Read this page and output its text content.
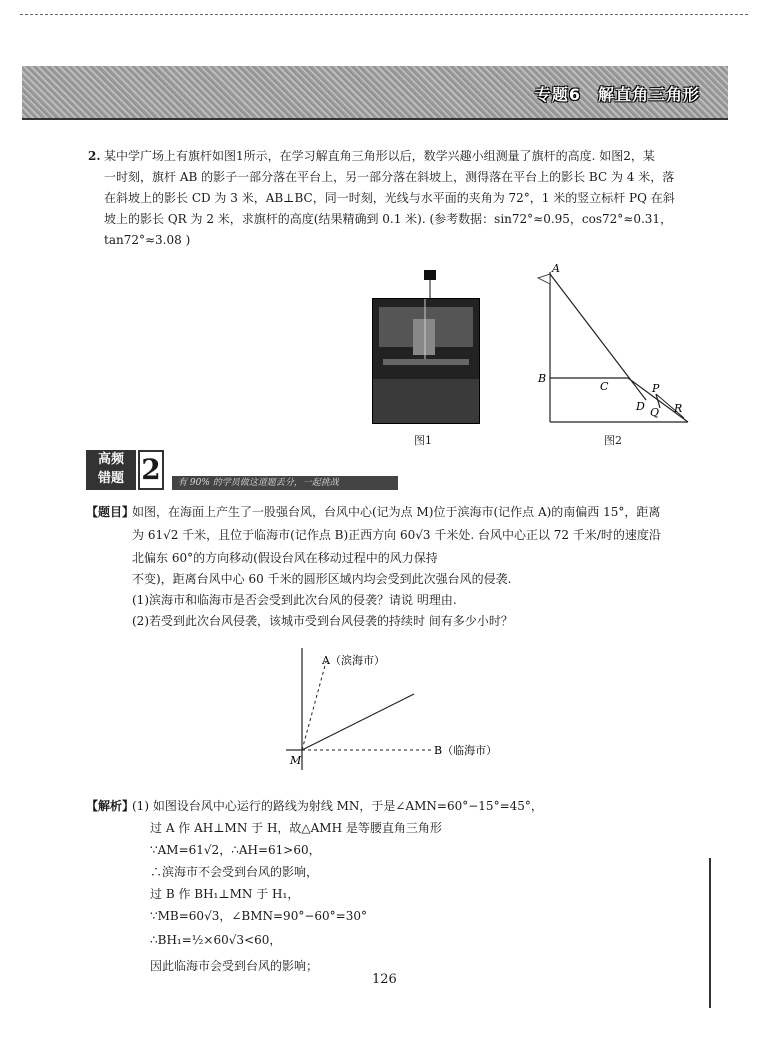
专题6　解直角三角形
2. 某中学广场上有旗杆如图1所示，在学习解直角三角形以后，数学兴趣小组测量了旗杆的高度. 如图2，某
一时刻，旗杆 AB 的影子一部分落在平台上，另一部分落在斜坡上，测得落在平台上的影长 BC 为 4 米，落
在斜坡上的影长 CD 为 3 米，AB⊥BC，同一时刻，光线与水平面的夹角为 72°，1 米的竖立标杆 PQ 在斜
坡上的影长 QR 为 2 米，求旗杆的高度(结果精确到 0.1 米). (参考数据：sin72°≈0.95，cos72°≈0.31，
tan72°≈3.08 )
图1
A
B
C
D
P
Q R
图2
高频
错题 2	有 90% 的学员做这道题丢分，一起挑战
【题目】
如图，在海面上产生了一股强台风，台风中心(记为点 M)位于滨海市(记作点 A)的南偏西 15°，距离
为 61√2 千米，且位于临海市(记作点 B)正西方向 60√3 千米处. 台风中心正以 72 千米/时的速度沿
北偏东 60°的方向移动(假设台风在移动过程中的风力保持
不变)，距离台风中心 60 千米的圆形区域内均会受到此次强台风的侵袭.
(1)滨海市和临海市是否会受到此次台风的侵袭？请说 明理由.
(2)若受到此次台风侵袭，该城市受到台风侵袭的持续时 间有多少小时？
A（滨海市）
B（临海市）
M
【解析】
(1) 如图设台风中心运行的路线为射线 MN，于是∠AMN=60°−15°=45°，
过 A 作 AH⊥MN 于 H，故△AMH 是等腰直角三角形
∵AM=61√2，∴AH=61>60，
∴滨海市不会受到台风的影响，
过 B 作 BH₁⊥MN 于 H₁，
∵MB=60√3，∠BMN=90°−60°=30°
∴BH₁=½×60√3<60，
因此临海市会受到台风的影响；
126
